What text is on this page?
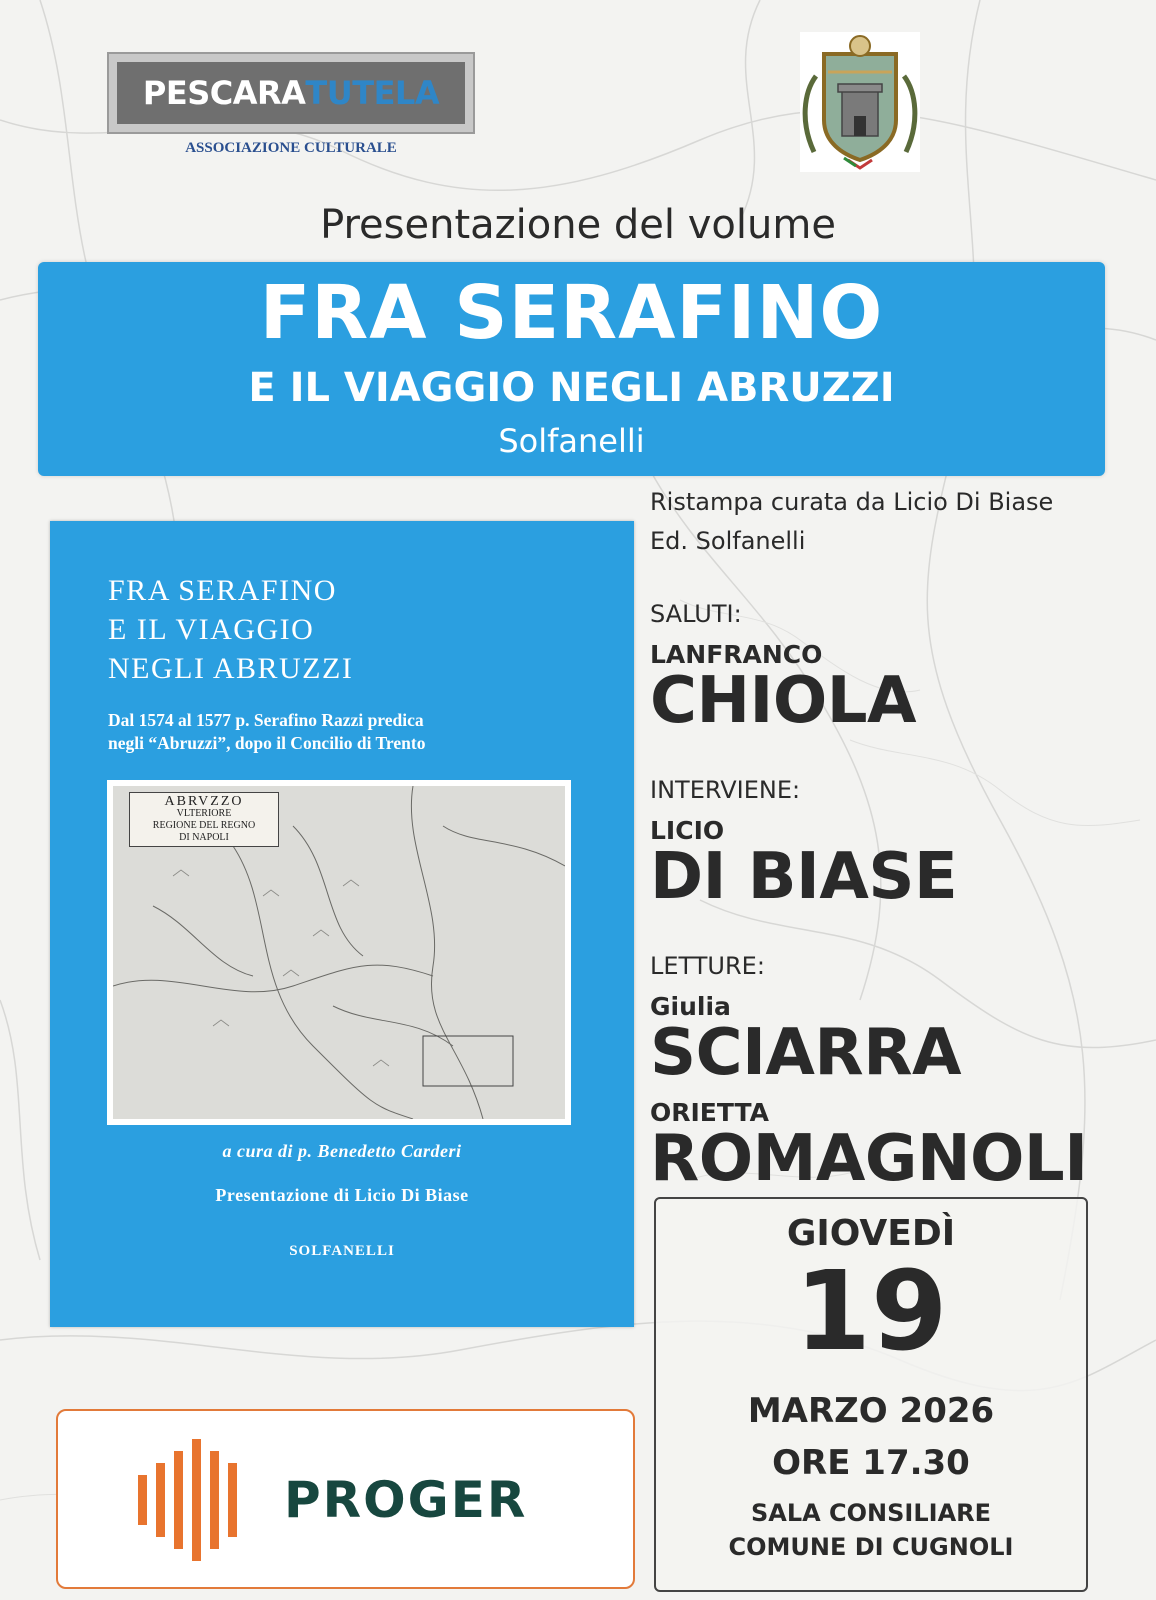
PESCARA TUTELA
ASSOCIAZIONE CULTURALE
Presentazione del volume
FRA SERAFINO
E IL VIAGGIO NEGLI ABRUZZI
Solfanelli
FRA SERAFINO
E IL VIAGGIO
NEGLI ABRUZZI
Dal 1574 al 1577 p. Serafino Razzi predica
negli “Abruzzi”, dopo il Concilio di Trento
ABRVZZO
VLTERIORE
REGIONE DEL REGNO
DI NAPOLI
a cura di p. Benedetto Carderi
Presentazione di Licio Di Biase
SOLFANELLI
Ristampa curata da Licio Di Biase
Ed. Solfanelli
SALUTI:
LANFRANCO
CHIOLA
INTERVIENE:
LICIO
DI BIASE
LETTURE:
Giulia
SCIARRA
ORIETTA
ROMAGNOLI
GIOVEDÌ
19
MARZO 2026
ORE 17.30
SALA CONSILIARE
COMUNE DI CUGNOLI
PROGER
